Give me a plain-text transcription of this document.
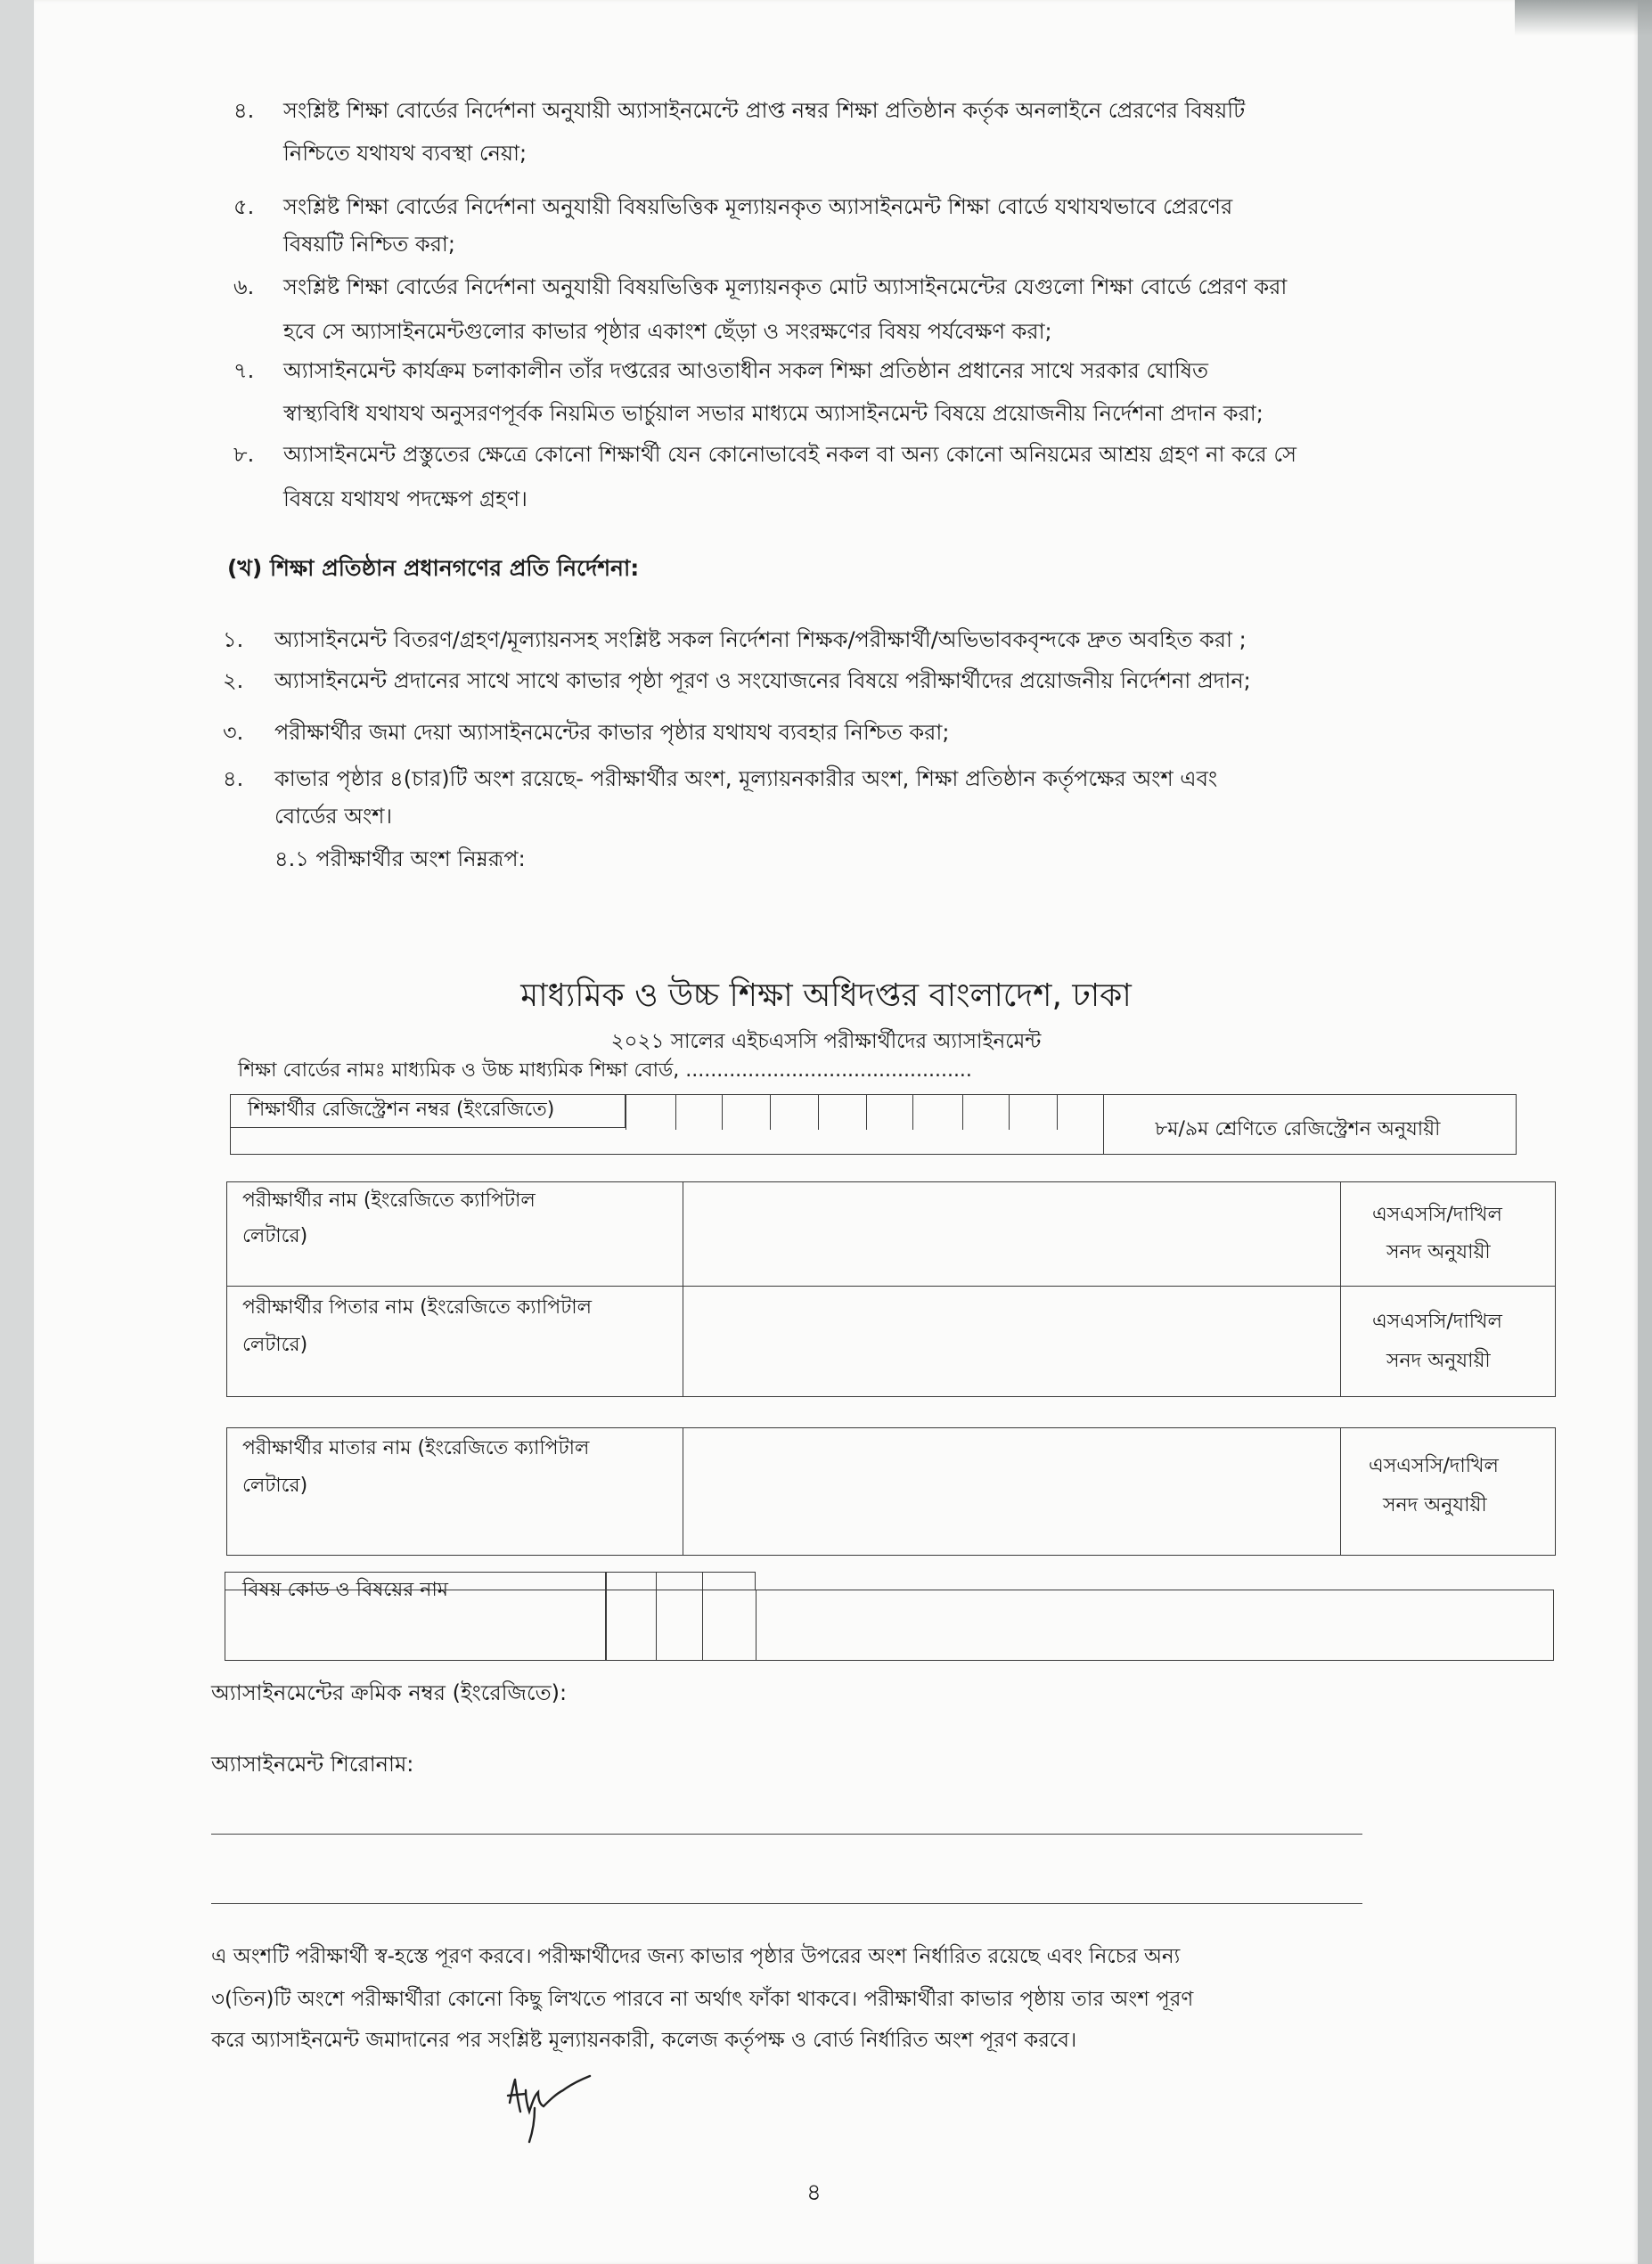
৪. সংশ্লিষ্ট শিক্ষা বোর্ডের নির্দেশনা অনুযায়ী অ্যাসাইনমেন্টে প্রাপ্ত নম্বর শিক্ষা প্রতিষ্ঠান কর্তৃক অনলাইনে প্রেরণের বিষয়টি
নিশ্চিতে যথাযথ ব্যবস্থা নেয়া;
৫. সংশ্লিষ্ট শিক্ষা বোর্ডের নির্দেশনা অনুযায়ী বিষয়ভিত্তিক মূল্যায়নকৃত অ্যাসাইনমেন্ট শিক্ষা বোর্ডে যথাযথভাবে প্রেরণের
বিষয়টি নিশ্চিত করা;
৬. সংশ্লিষ্ট শিক্ষা বোর্ডের নির্দেশনা অনুযায়ী বিষয়ভিত্তিক মূল্যায়নকৃত মোট অ্যাসাইনমেন্টের যেগুলো শিক্ষা বোর্ডে প্রেরণ করা
হবে সে অ্যাসাইনমেন্টগুলোর কাভার পৃষ্ঠার একাংশ ছেঁড়া ও সংরক্ষণের বিষয় পর্যবেক্ষণ করা;
৭. অ্যাসাইনমেন্ট কার্যক্রম চলাকালীন তাঁর দপ্তরের আওতাধীন সকল শিক্ষা প্রতিষ্ঠান প্রধানের সাথে সরকার ঘোষিত
স্বাস্থ্যবিধি যথাযথ অনুসরণপূর্বক নিয়মিত ভার্চুয়াল সভার মাধ্যমে অ্যাসাইনমেন্ট বিষয়ে প্রয়োজনীয় নির্দেশনা প্রদান করা;
৮. অ্যাসাইনমেন্ট প্রস্তুতের ক্ষেত্রে কোনো শিক্ষার্থী যেন কোনোভাবেই নকল বা অন্য কোনো অনিয়মের আশ্রয় গ্রহণ না করে সে
বিষয়ে যথাযথ পদক্ষেপ গ্রহণ।
(খ) শিক্ষা প্রতিষ্ঠান প্রধানগণের প্রতি নির্দেশনা:
১. অ্যাসাইনমেন্ট বিতরণ/গ্রহণ/মূল্যায়নসহ সংশ্লিষ্ট সকল নির্দেশনা শিক্ষক/পরীক্ষার্থী/অভিভাবকবৃন্দকে দ্রুত অবহিত করা ;
২. অ্যাসাইনমেন্ট প্রদানের সাথে সাথে কাভার পৃষ্ঠা পূরণ ও সংযোজনের বিষয়ে পরীক্ষার্থীদের প্রয়োজনীয় নির্দেশনা প্রদান;
৩. পরীক্ষার্থীর জমা দেয়া অ্যাসাইনমেন্টের কাভার পৃষ্ঠার যথাযথ ব্যবহার নিশ্চিত করা;
৪. কাভার পৃষ্ঠার ৪(চার)টি অংশ রয়েছে- পরীক্ষার্থীর অংশ, মূল্যায়নকারীর অংশ, শিক্ষা প্রতিষ্ঠান কর্তৃপক্ষের অংশ এবং
বোর্ডের অংশ।
৪.১ পরীক্ষার্থীর অংশ নিম্নরূপ:
মাধ্যমিক ও উচ্চ শিক্ষা অধিদপ্তর বাংলাদেশ, ঢাকা
২০২১ সালের এইচএসসি পরীক্ষার্থীদের অ্যাসাইনমেন্ট
শিক্ষা বোর্ডের নামঃ মাধ্যমিক ও উচ্চ মাধ্যমিক শিক্ষা বোর্ড, ..............................................
শিক্ষার্থীর রেজিস্ট্রেশন নম্বর (ইংরেজিতে)
৮ম/৯ম শ্রেণিতে রেজিস্ট্রেশন অনুযায়ী
পরীক্ষার্থীর নাম (ইংরেজিতে ক্যাপিটাল
লেটারে)
এসএসসি/দাখিল
সনদ অনুযায়ী
পরীক্ষার্থীর পিতার নাম (ইংরেজিতে ক্যাপিটাল
লেটারে)
এসএসসি/দাখিল
সনদ অনুযায়ী
পরীক্ষার্থীর মাতার নাম (ইংরেজিতে ক্যাপিটাল
লেটারে)
এসএসসি/দাখিল
সনদ অনুযায়ী
বিষয় কোড ও বিষয়ের নাম
অ্যাসাইনমেন্টের ক্রমিক নম্বর (ইংরেজিতে):
অ্যাসাইনমেন্ট শিরোনাম:
এ অংশটি পরীক্ষার্থী স্ব-হস্তে পূরণ করবে। পরীক্ষার্থীদের জন্য কাভার পৃষ্ঠার উপরের অংশ নির্ধারিত রয়েছে এবং নিচের অন্য
৩(তিন)টি অংশে পরীক্ষার্থীরা কোনো কিছু লিখতে পারবে না অর্থাৎ ফাঁকা থাকবে। পরীক্ষার্থীরা কাভার পৃষ্ঠায় তার অংশ পূরণ
করে অ্যাসাইনমেন্ট জমাদানের পর সংশ্লিষ্ট মূল্যায়নকারী, কলেজ কর্তৃপক্ষ ও বোর্ড নির্ধারিত অংশ পূরণ করবে।
৪
